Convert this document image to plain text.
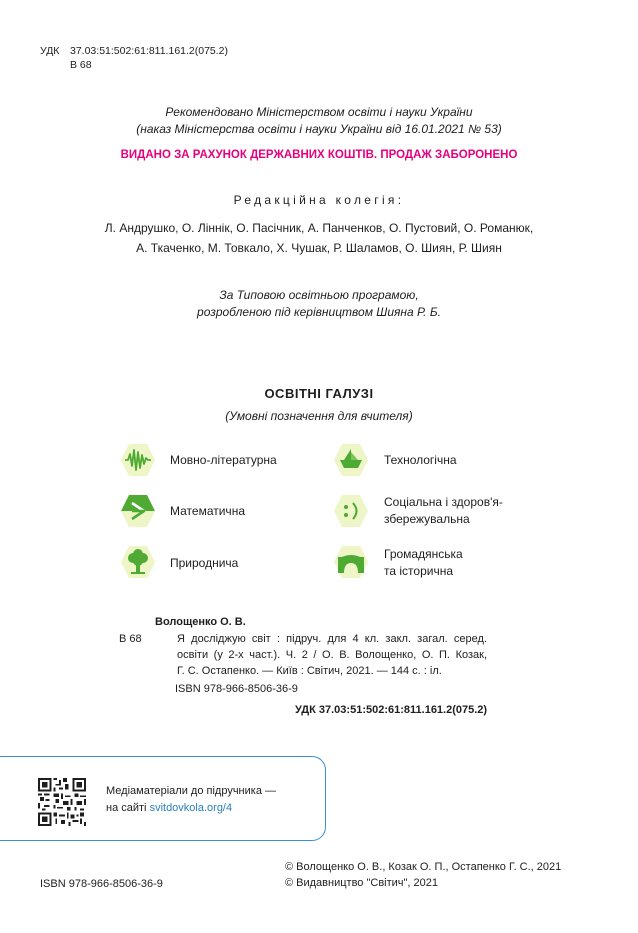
УДК 37.03:51:502:61:811.161.2(075.2)
В 68
Рекомендовано Міністерством освіти і науки України
(наказ Міністерства освіти і науки України від 16.01.2021 № 53)
ВИДАНО ЗА РАХУНОК ДЕРЖАВНИХ КОШТІВ. ПРОДАЖ ЗАБОРОНЕНО
Редакційна колегія:
Л. Андрушко, О. Ліннік, О. Пасічник, А. Панченков, О. Пустовий, О. Романюк,
А. Ткаченко, М. Товкало, Х. Чушак, Р. Шаламов, О. Шиян, Р. Шиян
За Типовою освітньою програмою,
розробленою під керівництвом Шияна Р. Б.
ОСВІТНІ ГАЛУЗІ
(Умовні позначення для вчителя)
Мовно-літературна	Технологічна
Математична
Соціальна і здоров'я-
збережувальна
Природнича
Громадянська
та історична
Волощенко О. В.
В 68	Я досліджую світ : підруч. для 4 кл. закл. загал. серед.
освіти (у 2-х част.). Ч. 2 / О. В. Волощенко, О. П. Козак,
Г. С. Остапенко. — Київ : Світич, 2021. — 144 с. : іл.
ISBN 978-966-8506-36-9
УДК 37.03:51:502:61:811.161.2(075.2)
Медіаматеріали до підручника —
на сайті svitdovkola.org/4
ISBN 978-966-8506-36-9
© Волощенко О. В., Козак О. П., Остапенко Г. С., 2021
© Видавництво "Світич", 2021
